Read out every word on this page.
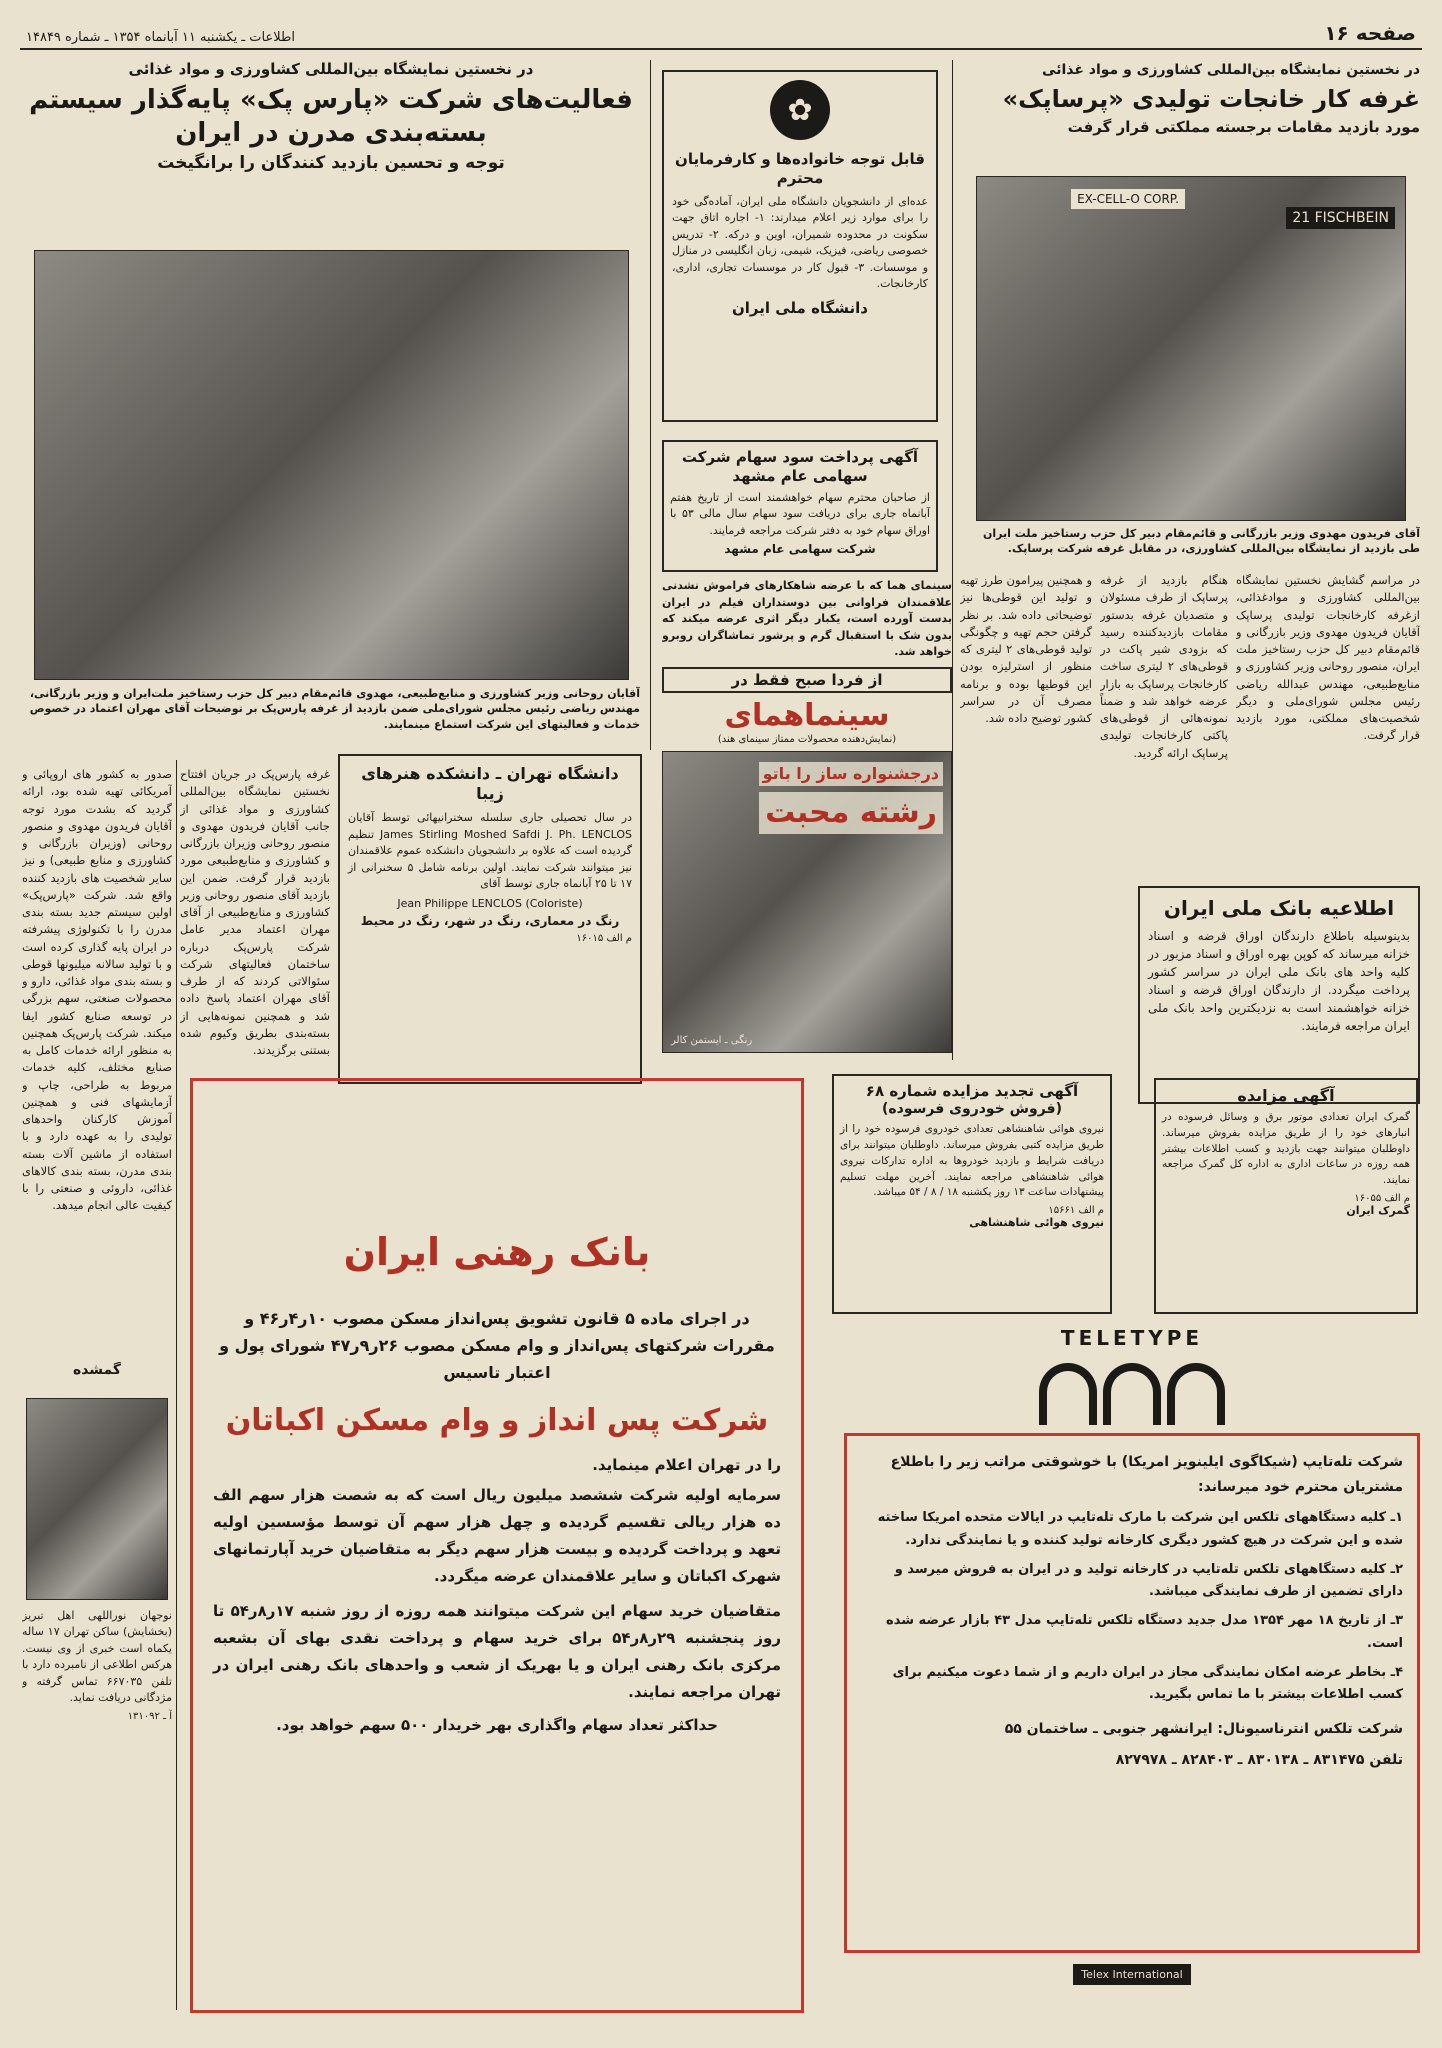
صفحه ۱۶
اطلاعات ـ یکشنبه ۱۱ آبانماه ۱۳۵۴ ـ شماره ۱۴۸۴۹
در نخستین نمایشگاه بین‌المللی کشاورزی و مواد غذائی
فعالیت‌های شرکت «پارس پک» پایه‌گذار سیستم بسته‌بندی مدرن در ایران
توجه و تحسین بازدید کنندگان را برانگیخت
آقایان روحانی وزیر کشاورزی و منابع‌طبیعی، مهدوی قائم‌مقام دبیر کل حزب رستاخیز ملت‌ایران و وزیر بازرگانی، مهندس ریاضی رئیس مجلس شورای‌ملی ضمن بازدید از غرفه پارس‌پک بر توضیحات آقای مهران اعتماد در خصوص خدمات و فعالیتهای این شرکت استماع مینمایند.
✿
قابل توجه خانواده‌ها و کارفرمایان محترم
عده‌ای از دانشجویان دانشگاه ملی ایران، آماده‌گی خود را برای موارد زیر اعلام میدارند: ۱- اجاره اتاق جهت سکونت در محدوده شمیران، اوین و درکه. ۲- تدریس خصوصی ریاضی، فیزیک، شیمی، زبان انگلیسی در منازل و موسسات. ۳- قبول کار در موسسات تجاری، اداری، کارخانجات.
دانشگاه ملی ایران
آگهی پرداخت سود سهام شرکت سهامی عام مشهد
از صاحبان محترم سهام خواهشمند است از تاریخ هفتم آبانماه جاری برای دریافت سود سهام سال مالی ۵۳ با اوراق سهام خود به دفتر شرکت مراجعه فرمایند.
شرکت سهامی عام مشهد
در نخستین نمایشگاه بین‌المللی کشاورزی و مواد غذائی
غرفه کار خانجات تولیدی «پرساپک»
مورد بازدید مقامات برجسته مملکتی قرار گرفت
EX-CELL-O CORP.
21 FISCHBEIN
آقای فریدون مهدوی وزیر بازرگانی و قائم‌مقام دبیر کل حزب رستاخیز ملت ایران طی بازدید از نمایشگاه بین‌المللی کشاورزی، در مقابل غرفه شرکت پرساپک.
در مراسم گشایش نخستین نمایشگاه بین‌المللی کشاورزی و موادغذائی، ازغرفه کارخانجات تولیدی پرساپک آقایان فریدون مهدوی وزیر بازرگانی و قائم‌مقام دبیر کل حزب رستاخیز ملت ایران، منصور روحانی وزیر کشاورزی و منابع‌طبیعی، مهندس عبدالله ریاضی رئیس مجلس شورای‌ملی و دیگر شخصیت‌های مملکتی، مورد بازدید قرار گرفت.
هنگام بازدید از غرفه پرساپک از طرف مسئولان و متصدیان غرفه بدستور مقامات بازدیدکننده رسید که بزودی شیر پاکت در قوطی‌های ۲ لیتری ساخت کارخانجات پرساپک به بازار عرضه خواهد شد و ضمناً نمونه‌هائی از قوطی‌های پاکتی کارخانجات تولیدی پرساپک ارائه گردید.
و همچنین پیرامون طرز تهیه و تولید این قوطی‌ها نیز توضیحاتی داده شد. بر نظر گرفتن حجم تهیه و چگونگی تولید قوطی‌های ۲ لیتری که منظور از استرلیزه بودن این قوطیها بوده و برنامه مصرف آن در سراسر کشور توضیح داده شد.
سینمای هما که با عرضه شاهکارهای فراموش نشدنی علاقمندان فراوانی بین دوستداران فیلم در ایران بدست آورده است، یکبار دیگر اثری عرضه میکند که بدون شک با استقبال گرم و پرشور تماشاگران روبرو خواهد شد.
از فردا صبح فقط در
سینماهمای
(نمایش‌دهنده محصولات ممتاز سینمای هند)
درجشنواره ساز را باتو
رشته محبت
رنگی ـ ایستمن کالر
اطلاعیه بانک ملی ایران
بدینوسیله باطلاع دارندگان اوراق قرضه و اسناد خزانه میرساند که کوپن بهره اوراق و اسناد مزبور در کلیه واحد های بانک ملی ایران در سراسر کشور پرداخت میگردد. از دارندگان اوراق قرضه و اسناد خزانه خواهشمند است به نزدیکترین واحد بانک ملی ایران مراجعه فرمایند.
صدور به کشور های اروپائی و آمریکائی تهیه شده بود، ارائه گردید که بشدت مورد توجه آقایان فریدون مهدوی و منصور روحانی (وزیران بازرگانی و کشاورزی و منابع طبیعی) و نیز سایر شخصیت های بازدید کننده واقع شد. شرکت «پارس‌پک» اولین سیستم جدید بسته بندی مدرن را با تکنولوژی پیشرفته در ایران پایه گذاری کرده است و با تولید سالانه میلیونها قوطی و بسته بندی مواد غذائی، دارو و محصولات صنعتی، سهم بزرگی در توسعه صنایع کشور ایفا میکند. شرکت پارس‌پک همچنین به منظور ارائه خدمات کامل به صنایع مختلف، کلیه خدمات مربوط به طراحی، چاپ و آزمایشهای فنی و همچنین آموزش کارکنان واحدهای تولیدی را به عهده دارد و با استفاده از ماشین آلات بسته بندی مدرن، بسته بندی کالاهای غذائی، داروئی و صنعتی را با کیفیت عالی انجام میدهد.
غرفه پارس‌پک در جریان افتتاح نخستین نمایشگاه بین‌المللی کشاورزی و مواد غذائی از جانب آقایان فریدون مهدوی و منصور روحانی وزیران بازرگانی و کشاورزی و منابع‌طبیعی مورد بازدید قرار گرفت. ضمن این بازدید آقای منصور روحانی وزیر کشاورزی و منابع‌طبیعی از آقای مهران اعتماد مدیر عامل شرکت پارس‌پک درباره ساختمان فعالیتهای شرکت سئوالاتی کردند که از طرف آقای مهران اعتماد پاسخ داده شد و همچنین نمونه‌هایی از بسته‌بندی بطریق وکیوم شده بستنی برگزیدند.
دانشگاه تهران ـ دانشکده هنرهای زیبا
در سال تحصیلی جاری سلسله سخنرانیهائی توسط آقایان James Stirling Moshed Safdi J. Ph. LENCLOS تنظیم گردیده است که علاوه بر دانشجویان دانشکده عموم علاقمندان نیز میتوانند شرکت نمایند. اولین برنامه شامل ۵ سخنرانی از ۱۷ تا ۲۵ آبانماه جاری توسط آقای
Jean Philippe LENCLOS (Coloriste)
رنگ در معماری، رنگ در شهر، رنگ در محیط
م الف ۱۶۰۱۵
آگهی تجدید مزایده شماره ۶۸
(فروش خودروی فرسوده)
نیروی هوائی شاهنشاهی تعدادی خودروی فرسوده خود را از طریق مزایده کتبی بفروش میرساند. داوطلبان میتوانند برای دریافت شرایط و بازدید خودروها به اداره تدارکات نیروی هوائی شاهنشاهی مراجعه نمایند. آخرین مهلت تسلیم پیشنهادات ساعت ۱۳ روز یکشنبه ۱۸ / ۸ / ۵۴ میباشد.
م الف ۱۵۶۶۱
نیروی هوائی شاهنشاهی
آگهی مزایده
گمرک ایران تعدادی موتور برق و وسائل فرسوده در انبارهای خود را از طریق مزایده بفروش میرساند. داوطلبان میتوانند جهت بازدید و کسب اطلاعات بیشتر همه روزه در ساعات اداری به اداره کل گمرک مراجعه نمایند.
م الف ۱۶۰۵۵
گمرک ایران
گمشده
نوجهان نوراللهی اهل تبریز (بخشایش) ساکن تهران ۱۷ ساله یکماه است خبری از وی نیست. هرکس اطلاعی از نامبرده دارد با تلفن ۶۶۷۰۳۵ تماس گرفته و مژدگانی دریافت نماید.
آ ـ ۱۳۱۰۹۲
بانک رهنی ایران
در اجرای ماده ۵ قانون تشویق پس‌انداز مسکن مصوب ۱۰ر۴ر۴۶ و مقررات شرکتهای پس‌انداز و وام مسکن مصوب ۲۶ر۹ر۴۷ شورای پول و اعتبار تاسیس
شرکت پس انداز و وام مسکن اکباتان
را در تهران اعلام مینماید.
سرمایه اولیه شرکت ششصد میلیون ریال است که به شصت هزار سهم الف ده هزار ریالی تقسیم گردیده و چهل هزار سهم آن توسط مؤسسین اولیه تعهد و پرداخت گردیده و بیست هزار سهم دیگر به متقاضیان خرید آپارتمانهای شهرک اکباتان و سایر علاقمندان عرضه میگردد.
متقاضیان خرید سهام این شرکت میتوانند همه روزه از روز شنبه ۱۷ر۸ر۵۴ تا روز پنجشنبه ۲۹ر۸ر۵۴ برای خرید سهام و پرداخت نقدی بهای آن بشعبه مرکزی بانک رهنی ایران و یا بهریک از شعب و واحدهای بانک رهنی ایران در تهران مراجعه نمایند.
حداکثر تعداد سهام واگذاری بهر خریدار ۵۰۰ سهم خواهد بود.
TELETYPE
شرکت تله‌تایپ (شیکاگوی ایلینویز امریکا) با خوشوقتی مراتب زیر را باطلاع مشتریان محترم خود میرساند:
۱ـ کلیه دستگاههای تلکس این شرکت با مارک تله‌تایپ در ایالات متحده امریکا ساخته شده و این شرکت در هیچ کشور دیگری کارخانه تولید کننده و یا نمایندگی ندارد.
۲ـ کلیه دستگاههای تلکس تله‌تایپ در کارخانه تولید و در ایران به فروش میرسد و دارای تضمین از طرف نمایندگی میباشد.
۳ـ از تاریخ ۱۸ مهر ۱۳۵۴ مدل جدید دستگاه تلکس تله‌تایپ مدل ۴۳ بازار عرضه شده است.
۴ـ بخاطر عرضه امکان نمایندگی مجاز در ایران داریم و از شما دعوت میکنیم برای کسب اطلاعات بیشتر با ما تماس بگیرید.
شرکت تلکس انترناسیونال: ایرانشهر جنوبی ـ ساختمان ۵۵
تلفن ۸۳۱۴۷۵ ـ ۸۳۰۱۳۸ ـ ۸۲۸۴۰۳ ـ ۸۲۷۹۷۸
Telex International
